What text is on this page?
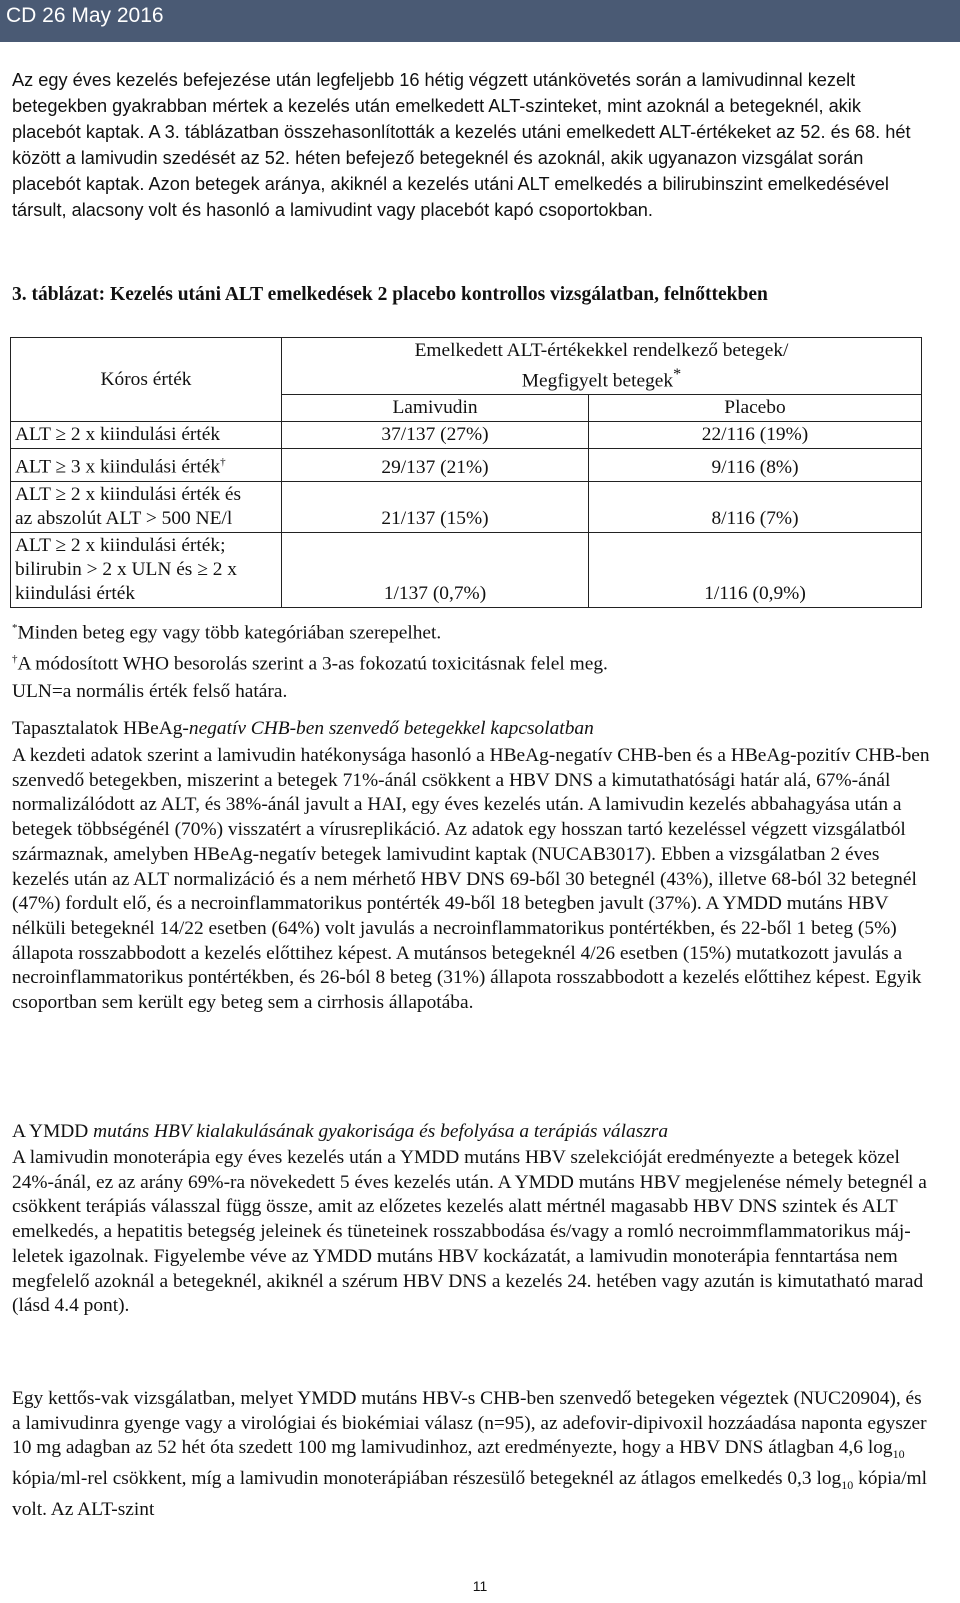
CD 26 May 2016

Az egy éves kezelés befejezése után legfeljebb 16 hétig végzett utánkövetés során a lamivudinnal kezelt betegekben gyakrabban mértek a kezelés után emelkedett ALT-szinteket, mint azoknál a betegeknél, akik placebót kaptak. A 3. táblázatban összehasonlították a kezelés utáni emelkedett ALT-értékeket az 52. és 68. hét között a lamivudin szedését az 52. héten befejező betegeknél és azoknál, akik ugyanazon vizsgálat során placebót kaptak. Azon betegek aránya, akiknél a kezelés utáni ALT emelkedés a bilirubinszint emelkedésével társult, alacsony volt és hasonló a lamivudint vagy placebót kapó csoportokban.

3. táblázat: Kezelés utáni ALT emelkedések 2 placebo kontrollos vizsgálatban, felnőttekben
Kóros érték	Emelkedett ALT-értékekkel rendelkező betegek/
Megfigyelt betegek*
	Lamivudin	Placebo
ALT ≥ 2 x kiindulási érték	37/137 (27%)	22/116 (19%)
ALT ≥ 3 x kiindulási érték†	29/137 (21%)	9/116 (8%)
ALT ≥ 2 x kiindulási érték és
az abszolút ALT > 500 NE/l	21/137 (15%)	8/116 (7%)
ALT ≥ 2 x kiindulási érték;
bilirubin > 2 x ULN és ≥ 2 x
kiindulási érték	1/137 (0,7%)	1/116 (0,9%)
*Minden beteg egy vagy több kategóriában szerepelhet.
†A módosított WHO besorolás szerint a 3-as fokozatú toxicitásnak felel meg.
ULN=a normális érték felső határa.
Tapasztalatok HBeAg-negatív CHB-ben szenvedő betegekkel kapcsolatban

A kezdeti adatok szerint a lamivudin hatékonysága hasonló a HBeAg-negatív CHB-ben és a HBeAg-pozitív CHB-ben szenvedő betegekben, miszerint a betegek 71%-ánál csökkent a HBV DNS a kimutathatósági határ alá, 67%-ánál normalizálódott az ALT, és 38%-ánál javult a HAI, egy éves kezelés után. A lamivudin kezelés abbahagyása után a betegek többségénél (70%) visszatért a vírusreplikáció. Az adatok egy hosszan tartó kezeléssel végzett vizsgálatból származnak, amelyben HBeAg-negatív betegek lamivudint kaptak (NUCAB3017). Ebben a vizsgálatban 2 éves kezelés után az ALT normalizáció és a nem mérhető HBV DNS 69-ből 30 betegnél (43%), illetve 68-ból 32 betegnél (47%) fordult elő, és a necroinflammatorikus pontérték 49-ből 18 betegben javult (37%). A YMDD mutáns HBV nélküli betegeknél 14/22 esetben (64%) volt javulás a necroinflammatorikus pontértékben, és 22-ből 1 beteg (5%) állapota rosszabbodott a kezelés előttihez képest. A mutánsos betegeknél 4/26 esetben (15%) mutatkozott javulás a necroinflammatorikus pontértékben, és 26-ból 8 beteg (31%) állapota rosszabbodott a kezelés előttihez képest. Egyik csoportban sem került egy beteg sem a cirrhosis állapotába.

A YMDD mutáns HBV kialakulásának gyakorisága és befolyása a terápiás válaszra

A lamivudin monoterápia egy éves kezelés után a YMDD mutáns HBV szelekcióját eredményezte a betegek közel 24%-ánál, ez az arány 69%-ra növekedett 5 éves kezelés után. A YMDD mutáns HBV megjelenése némely betegnél a csökkent terápiás válasszal függ össze, amit az előzetes kezelés alatt mértnél magasabb HBV DNS szintek és ALT emelkedés, a hepatitis betegség jeleinek és tüneteinek rosszabbodása és/vagy a romló necroimmflammatorikus máj-leletek igazolnak. Figyelembe véve az YMDD mutáns HBV kockázatát, a lamivudin monoterápia fenntartása nem megfelelő azoknál a betegeknél, akiknél a szérum HBV DNS a kezelés 24. hetében vagy azután is kimutatható marad (lásd 4.4 pont).

Egy kettős-vak vizsgálatban, melyet YMDD mutáns HBV-s CHB-ben szenvedő betegeken végeztek (NUC20904), és a lamivudinra gyenge vagy a virológiai és biokémiai válasz (n=95), az adefovir-dipivoxil hozzáadása naponta egyszer 10 mg adagban az 52 hét óta szedett 100 mg lamivudinhoz, azt eredményezte, hogy a HBV DNS átlagban 4,6 $\log_{10}$ kópia/ml-rel csökkent, míg a lamivudin monoterápiában részesülő betegeknél az átlagos emelkedés 0,3 $\log_{10}$ kópia/ml volt. Az ALT-szint

11
